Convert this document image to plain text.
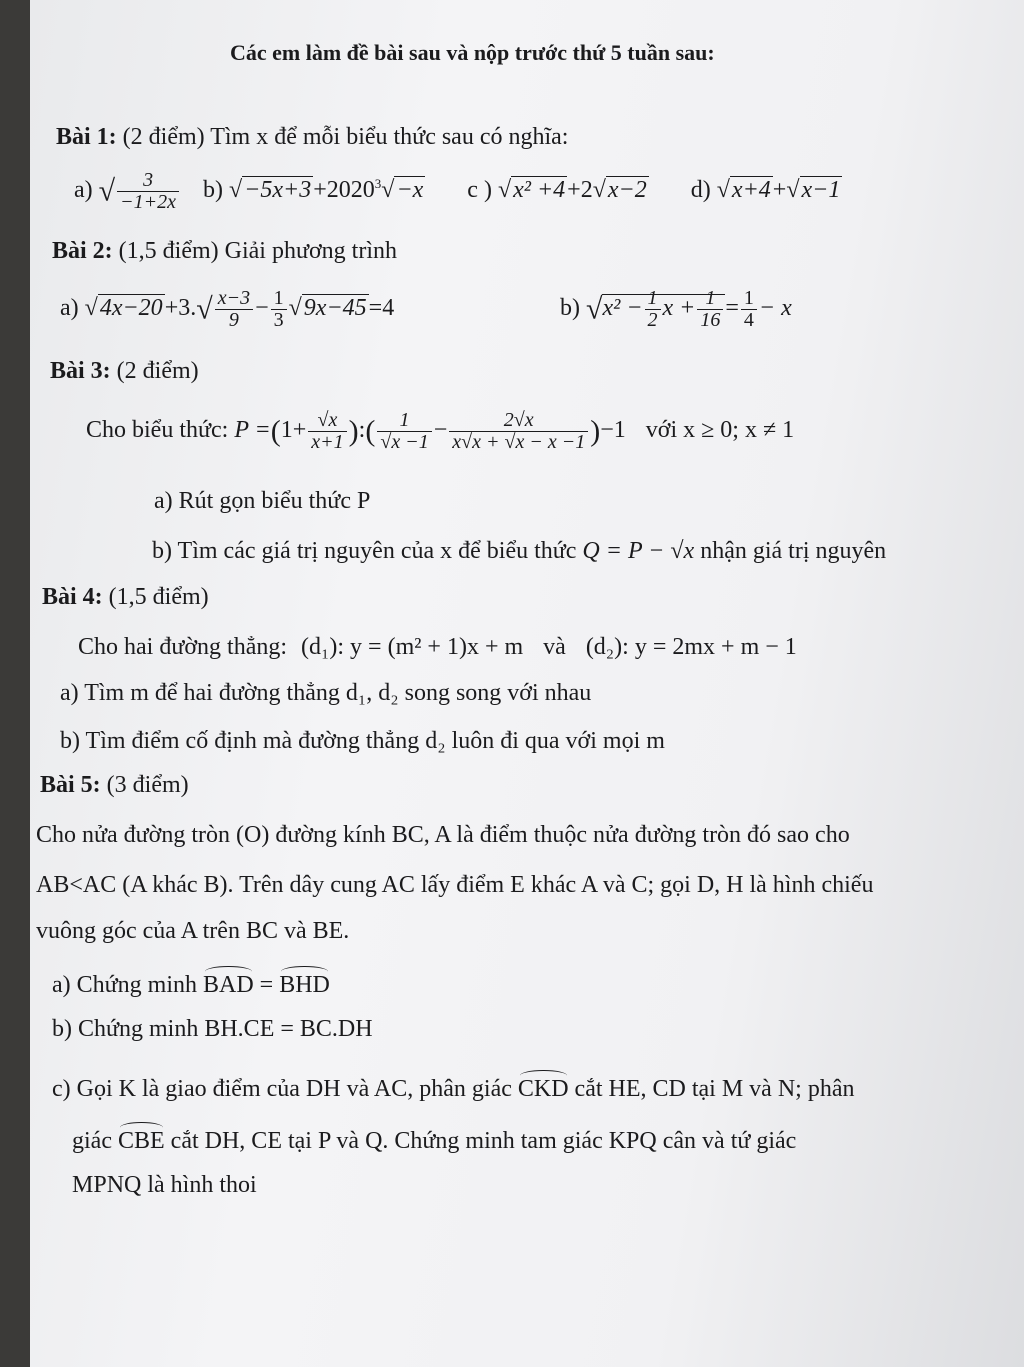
Các em làm đề bài sau và nộp trước thứ 5 tuần sau:
Bài 1: (2 điểm) Tìm x để mỗi biểu thức sau có nghĩa:
a) √ $\frac{3}{-1+2x} b$) $√-5x+3+2020^3√-x$ c ) √x² +4+2√x−2 d) √x+4+√x−1
Bài 2: (1,5 điểm) Giải phương trình
a) $√4x-20+3.√ \frac{x-3}{9} - \frac{1}{3} √9x-45=4$	b) $√x^2 - \frac{1}{2}$ $x + \frac{1}{16} = \frac{1}{4} - x$
Bài 3: (2 điểm)
Cho biểu thức: $P =(1+ \frac{√x}{x+1}$ ):( $\frac{1}{√x -1} - \frac{2√x}{x√x + √x - x -1} )-1$ với x ≥ 0; x ≠ 1
a) Rút gọn biểu thức P
b) Tìm các giá trị nguyên của x để biểu thức Q = P − √x nhận giá trị nguyên
Bài 4: (1,5 điểm)
Cho hai đường thẳng: (d₁): y = (m² + 1)x + m và (d₂): y = 2mx + m − 1
a) Tìm m để hai đường thẳng d₁, d₂ song song với nhau
b) Tìm điểm cố định mà đường thẳng d₂ luôn đi qua với mọi m
Bài 5: (3 điểm)
Cho nửa đường tròn (O) đường kính BC, A là điểm thuộc nửa đường tròn đó sao cho
AB<AC (A khác B). Trên dây cung AC lấy điểm E khác A và C; gọi D, H là hình chiếu
vuông góc của A trên BC và BE.
a) Chứng minh BAD = BHD
b) Chứng minh BH.CE = BC.DH
c) Gọi K là giao điểm của DH và AC, phân giác CKD cắt HE, CD tại M và N; phân
giác CBE cắt DH, CE tại P và Q. Chứng minh tam giác KPQ cân và tứ giác
MPNQ là hình thoi
